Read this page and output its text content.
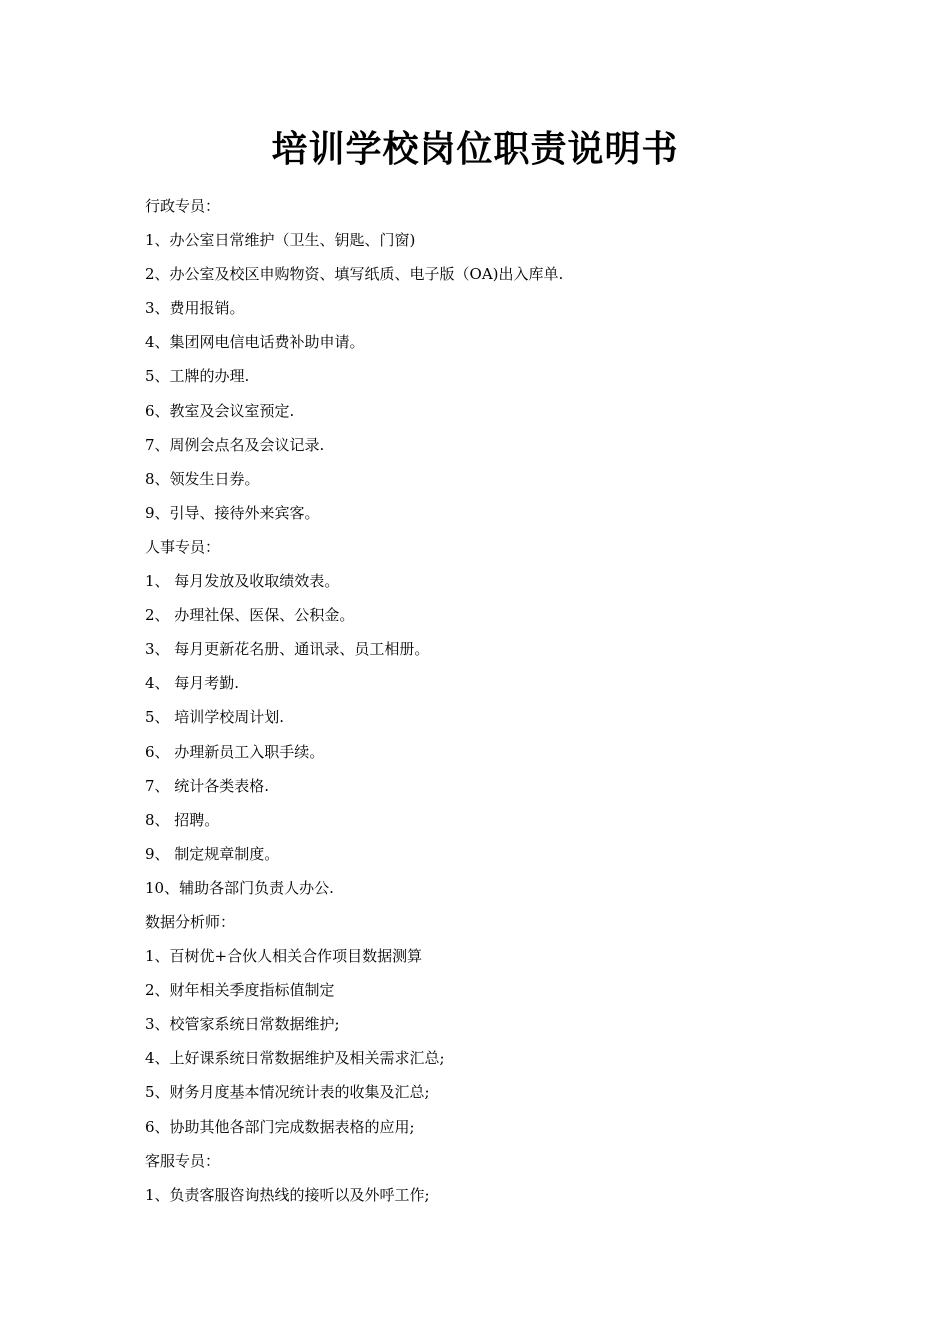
培训学校岗位职责说明书
行政专员：
1、办公室日常维护（卫生、钥匙、门窗)
2、办公室及校区申购物资、填写纸质、电子版（OA)出入库单.
3、费用报销。
4、集团网电信电话费补助申请。
5、工牌的办理.
6、教室及会议室预定.
7、周例会点名及会议记录.
8、领发生日券。
9、引导、接待外来宾客。
人事专员：
1、 每月发放及收取绩效表。
2、 办理社保、医保、公积金。
3、 每月更新花名册、通讯录、员工相册。
4、 每月考勤.
5、 培训学校周计划.
6、 办理新员工入职手续。
7、 统计各类表格.
8、 招聘。
9、 制定规章制度。
10、辅助各部门负责人办公.
数据分析师：
1、百树优+合伙人相关合作项目数据测算
2、财年相关季度指标值制定
3、校管家系统日常数据维护;
4、上好课系统日常数据维护及相关需求汇总;
5、财务月度基本情况统计表的收集及汇总;
6、协助其他各部门完成数据表格的应用;
客服专员：
1、负责客服咨询热线的接听以及外呼工作;
